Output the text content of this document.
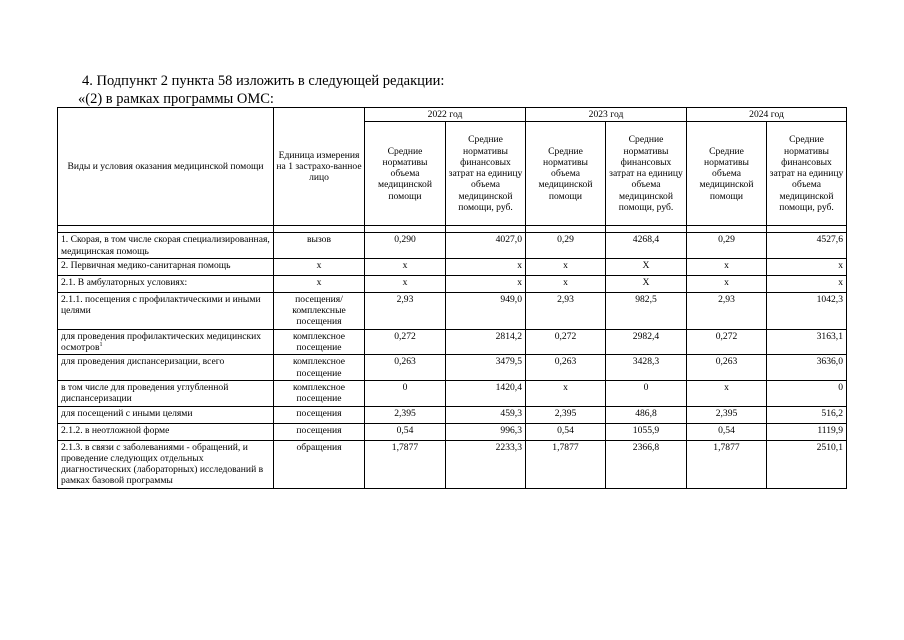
4. Подпункт 2 пункта 58 изложить в следующей редакции:
«(2) в рамках программы ОМС:
Виды и условия оказания медицинской помощи	Единица измерения на 1 застрахо-ванное лицо	2022 год		2023 год		2024 год	
		Средние нормативы объема медицинской помощи	Средние нормативы финансовых затрат на единицу объема медицинской помощи, руб.	Средние нормативы объема медицинской помощи	Средние нормативы финансовых затрат на единицу объема медицинской помощи, руб.	Средние нормативы объема медицинской помощи	Средние нормативы финансовых затрат на единицу объема медицинской помощи, руб.

1. Скорая, в том числе скорая специализированная, медицинская помощь	вызов	0,290	4027,0	0,29	4268,4	0,29	4527,6
2. Первичная медико-санитарная помощь	x	x	x	x	X	x	x
2.1. В амбулаторных условиях:	x	x	x	x	X	x	x
2.1.1. посещения с профилактическими и иными целями	посещения/ комплексные посещения	2,93	949,0	2,93	982,5	2,93	1042,3
для проведения профилактических медицинских осмотров$^1$	комплексное посещение	0,272	2814,2	0,272	2982,4	0,272	3163,1
для проведения диспансеризации, всего	комплексное посещение	0,263	3479,5	0,263	3428,3	0,263	3636,0
в том числе для проведения углубленной диспансеризации	комплексное посещение	0	1420,4	x	0	x	0
для посещений с иными целями	посещения	2,395	459,3	2,395	486,8	2,395	516,2
2.1.2. в неотложной форме	посещения	0,54	996,3	0,54	1055,9	0,54	1119,9
2.1.3. в связи с заболеваниями - обращений, и проведение следующих отдельных диагностических (лабораторных) исследований в рамках базовой программы	обращения	1,7877	2233,3	1,7877	2366,8	1,7877	2510,1
